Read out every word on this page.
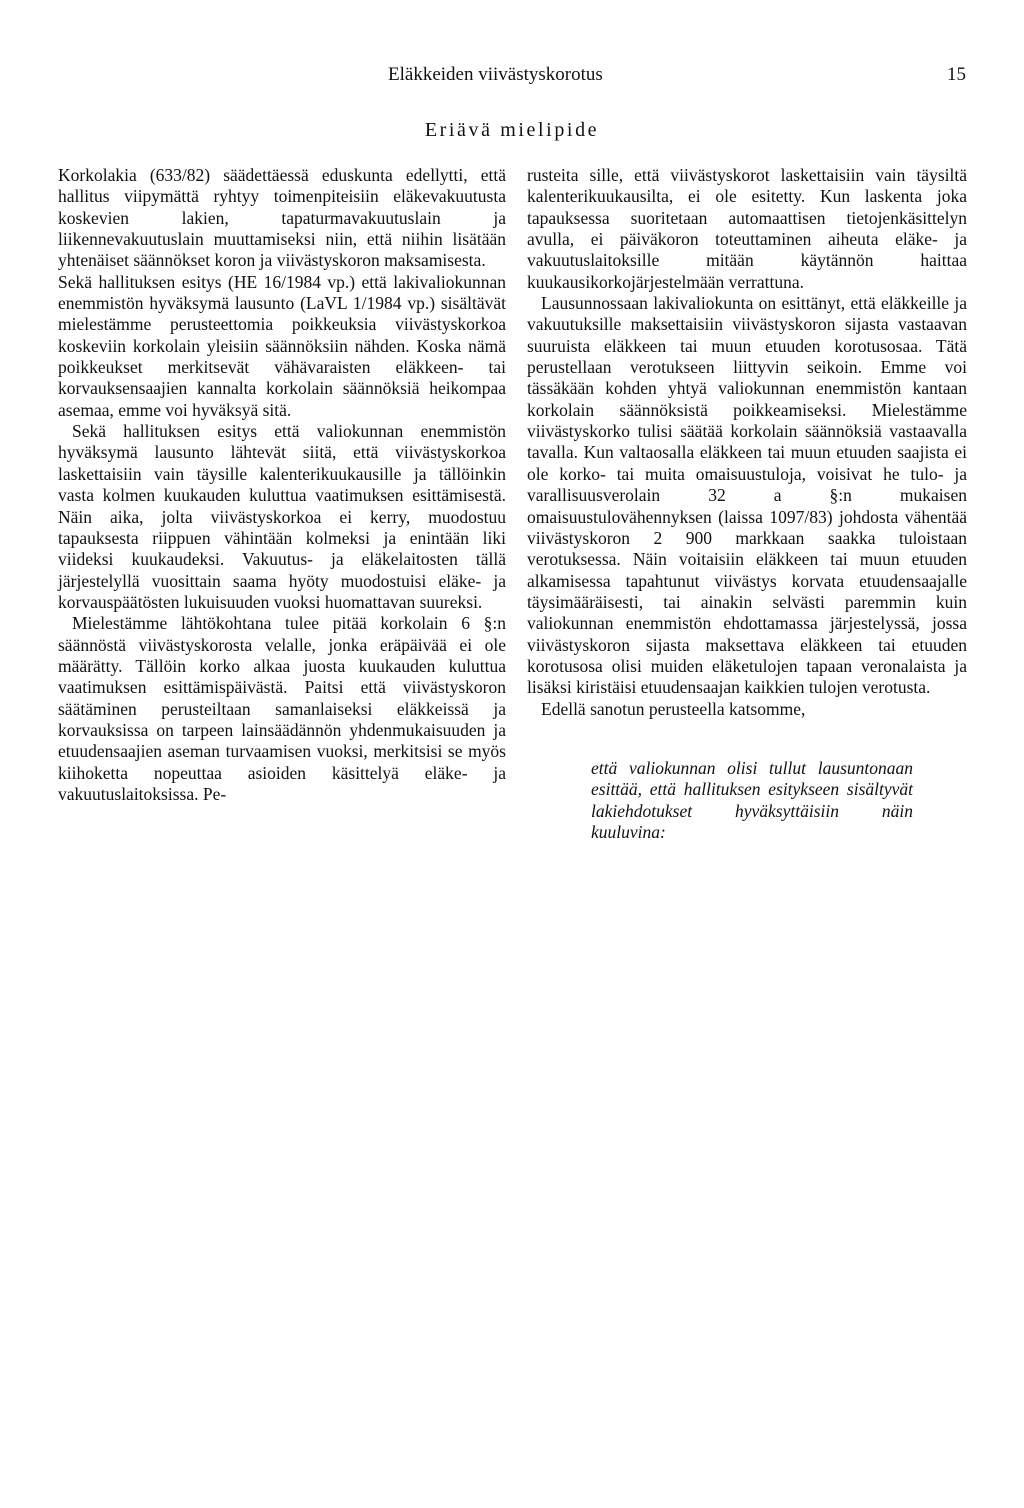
Eläkkeiden viivästyskorotus	15
Eriävä mielipide

Korkolakia (633/82) säädettäessä eduskunta edellytti, että hallitus viipymättä ryhtyy toimenpiteisiin eläkevakuutusta koskevien lakien, tapaturmavakuutuslain ja liikennevakuutuslain muuttamiseksi niin, että niihin lisätään yhtenäiset säännökset koron ja viivästyskoron maksamisesta.

Sekä hallituksen esitys (HE 16/1984 vp.) että lakivaliokunnan enemmistön hyväksymä lausunto (LaVL 1/1984 vp.) sisältävät mielestämme perusteettomia poikkeuksia viivästyskorkoa koskeviin korkolain yleisiin säännöksiin nähden. Koska nämä poikkeukset merkitsevät vähävaraisten eläkkeen- tai korvauksensaajien kannalta korkolain säännöksiä heikompaa asemaa, emme voi hyväksyä sitä.

Sekä hallituksen esitys että valiokunnan enemmistön hyväksymä lausunto lähtevät siitä, että viivästyskorkoa laskettaisiin vain täysille kalenterikuukausille ja tällöinkin vasta kolmen kuukauden kuluttua vaatimuksen esittämisestä. Näin aika, jolta viivästyskorkoa ei kerry, muodostuu tapauksesta riippuen vähintään kolmeksi ja enintään liki viideksi kuukaudeksi. Vakuutus- ja eläkelaitosten tällä järjestelyllä vuosittain saama hyöty muodostuisi eläke- ja korvauspäätösten lukuisuuden vuoksi huomattavan suureksi.

Mielestämme lähtökohtana tulee pitää korkolain 6 §:n säännöstä viivästyskorosta velalle, jonka eräpäivää ei ole määrätty. Tällöin korko alkaa juosta kuukauden kuluttua vaatimuksen esittämispäivästä. Paitsi että viivästyskoron säätäminen perusteiltaan samanlaiseksi eläkkeissä ja korvauksissa on tarpeen lainsäädännön yhdenmukaisuuden ja etuudensaajien aseman turvaamisen vuoksi, merkitsisi se myös kiihoketta nopeuttaa asioiden käsittelyä eläke- ja vakuutuslaitoksissa. Pe-

rusteita sille, että viivästyskorot laskettaisiin vain täysiltä kalenterikuukausilta, ei ole esitetty. Kun laskenta joka tapauksessa suoritetaan automaattisen tietojenkäsittelyn avulla, ei päiväkoron toteuttaminen aiheuta eläke- ja vakuutuslaitoksille mitään käytännön haittaa kuukausikorkojärjestelmään verrattuna.

Lausunnossaan lakivaliokunta on esittänyt, että eläkkeille ja vakuutuksille maksettaisiin viivästyskoron sijasta vastaavan suuruista eläkkeen tai muun etuuden korotusosaa. Tätä perustellaan verotukseen liittyvin seikoin. Emme voi tässäkään kohden yhtyä valiokunnan enemmistön kantaan korkolain säännöksistä poikkeamiseksi. Mielestämme viivästyskorko tulisi säätää korkolain säännöksiä vastaavalla tavalla. Kun valtaosalla eläkkeen tai muun etuuden saajista ei ole korko- tai muita omaisuustuloja, voisivat he tulo- ja varallisuusverolain 32 a §:n mukaisen omaisuustulovähennyksen (laissa 1097/83) johdosta vähentää viivästyskoron 2 900 markkaan saakka tuloistaan verotuksessa. Näin voitaisiin eläkkeen tai muun etuuden alkamisessa tapahtunut viivästys korvata etuudensaajalle täysimääräisesti, tai ainakin selvästi paremmin kuin valiokunnan enemmistön ehdottamassa järjestelyssä, jossa viivästyskoron sijasta maksettava eläkkeen tai etuuden korotusosa olisi muiden eläketulojen tapaan veronalaista ja lisäksi kiristäisi etuudensaajan kaikkien tulojen verotusta.

Edellä sanotun perusteella katsomme,

että valiokunnan olisi tullut lausuntonaan esittää, että hallituksen esitykseen sisältyvät lakiehdotukset hyväksyttäisiin näin kuuluvina:
